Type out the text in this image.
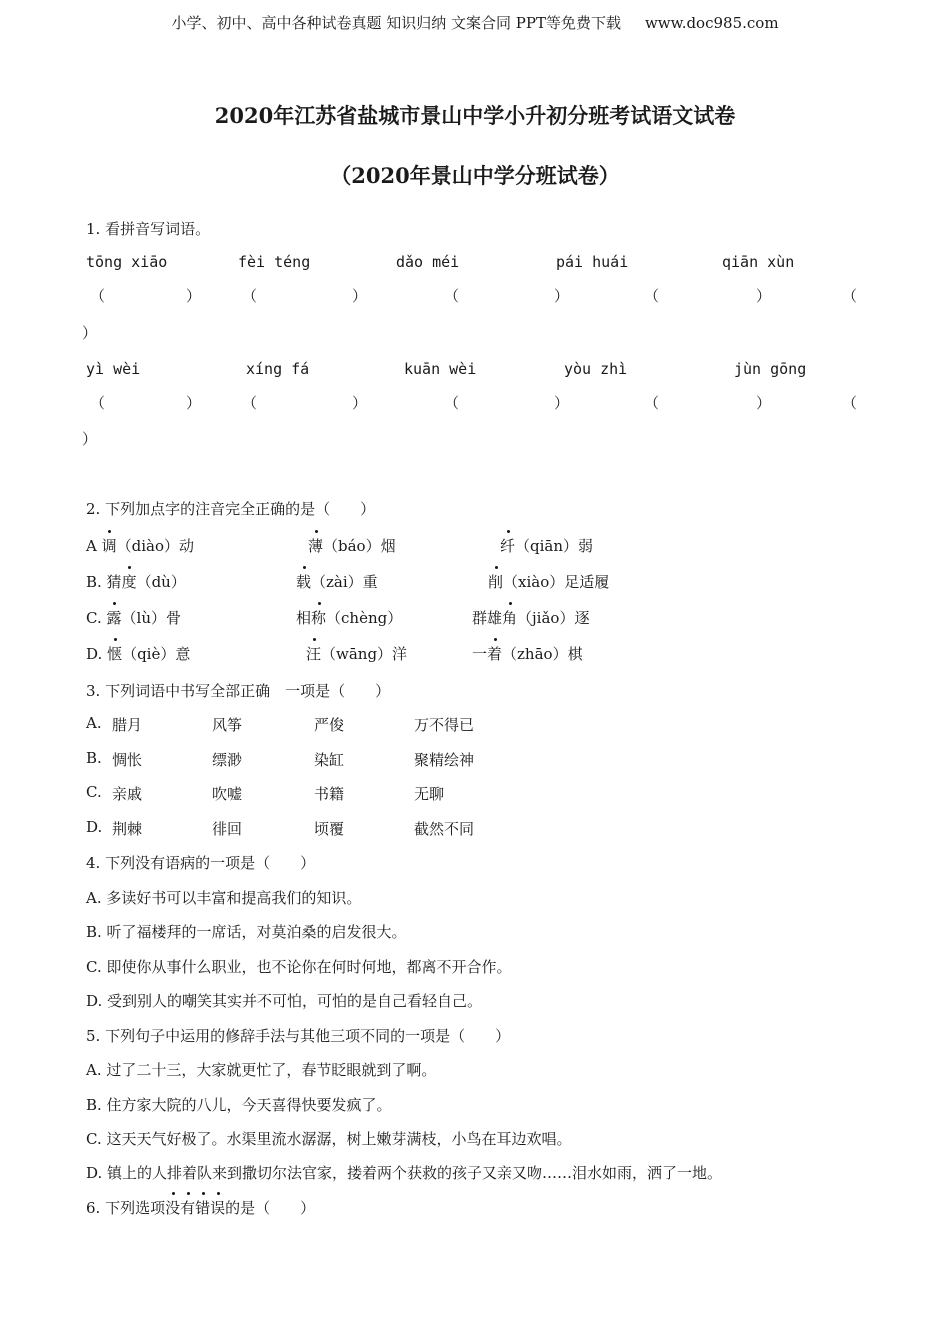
小学、初中、高中各种试卷真题 知识归纳 文案合同 PPT等免费下载 www.doc985.com
2020年江苏省盐城市景山中学小升初分班考试语文试卷
（2020年景山中学分班试卷）
1. 看拼音写词语。
tōng xiāo	fèi téng	dǎo méi	pái huái	qiān xùn
（	）	（	）	（	）	（	）	（
）
yì wèi	xíng fá	kuān wèi	yòu zhì	jùn gōng
（	）	（	）	（	）	（	）	（
）
2. 下列加点字的注音完全正确的是（　　）
A 调（diào）动	薄（báo）烟	纤（qiān）弱
B. 猜度（dù）	载（zài）重	削（xiào）足适履
C. 露（lù）骨	相称（chèng）	群雄角（jiǎo）逐
D. 惬（qiè）意	汪（wāng）洋	一着（zhāo）棋
3. 下列词语中书写全部正确　一项是（　　）
A. 腊月	风筝	严俊	万不得已
B. 惆怅	缥渺	染缸	聚精绘神
C. 亲戚	吹嘘	书籍	无聊
D. 荆棘	徘回	顷覆	截然不同
4. 下列没有语病的一项是（　　）
A. 多读好书可以丰富和提高我们的知识。
B. 听了福楼拜的一席话，对莫泊桑的启发很大。
C. 即使你从事什么职业，也不论你在何时何地，都离不开合作。
D. 受到别人的嘲笑其实并不可怕，可怕的是自己看轻自己。
5. 下列句子中运用的修辞手法与其他三项不同的一项是（　　）
A. 过了二十三，大家就更忙了，春节眨眼就到了啊。
B. 住方家大院的八儿，今天喜得快要发疯了。
C. 这天天气好极了。水渠里流水潺潺，树上嫩芽满枝，小鸟在耳边欢唱。
D. 镇上的人排着队来到撒切尔法官家，搂着两个获救的孩子又亲又吻……泪水如雨，洒了一地。
6. 下列选项没有错误的是（　　）
